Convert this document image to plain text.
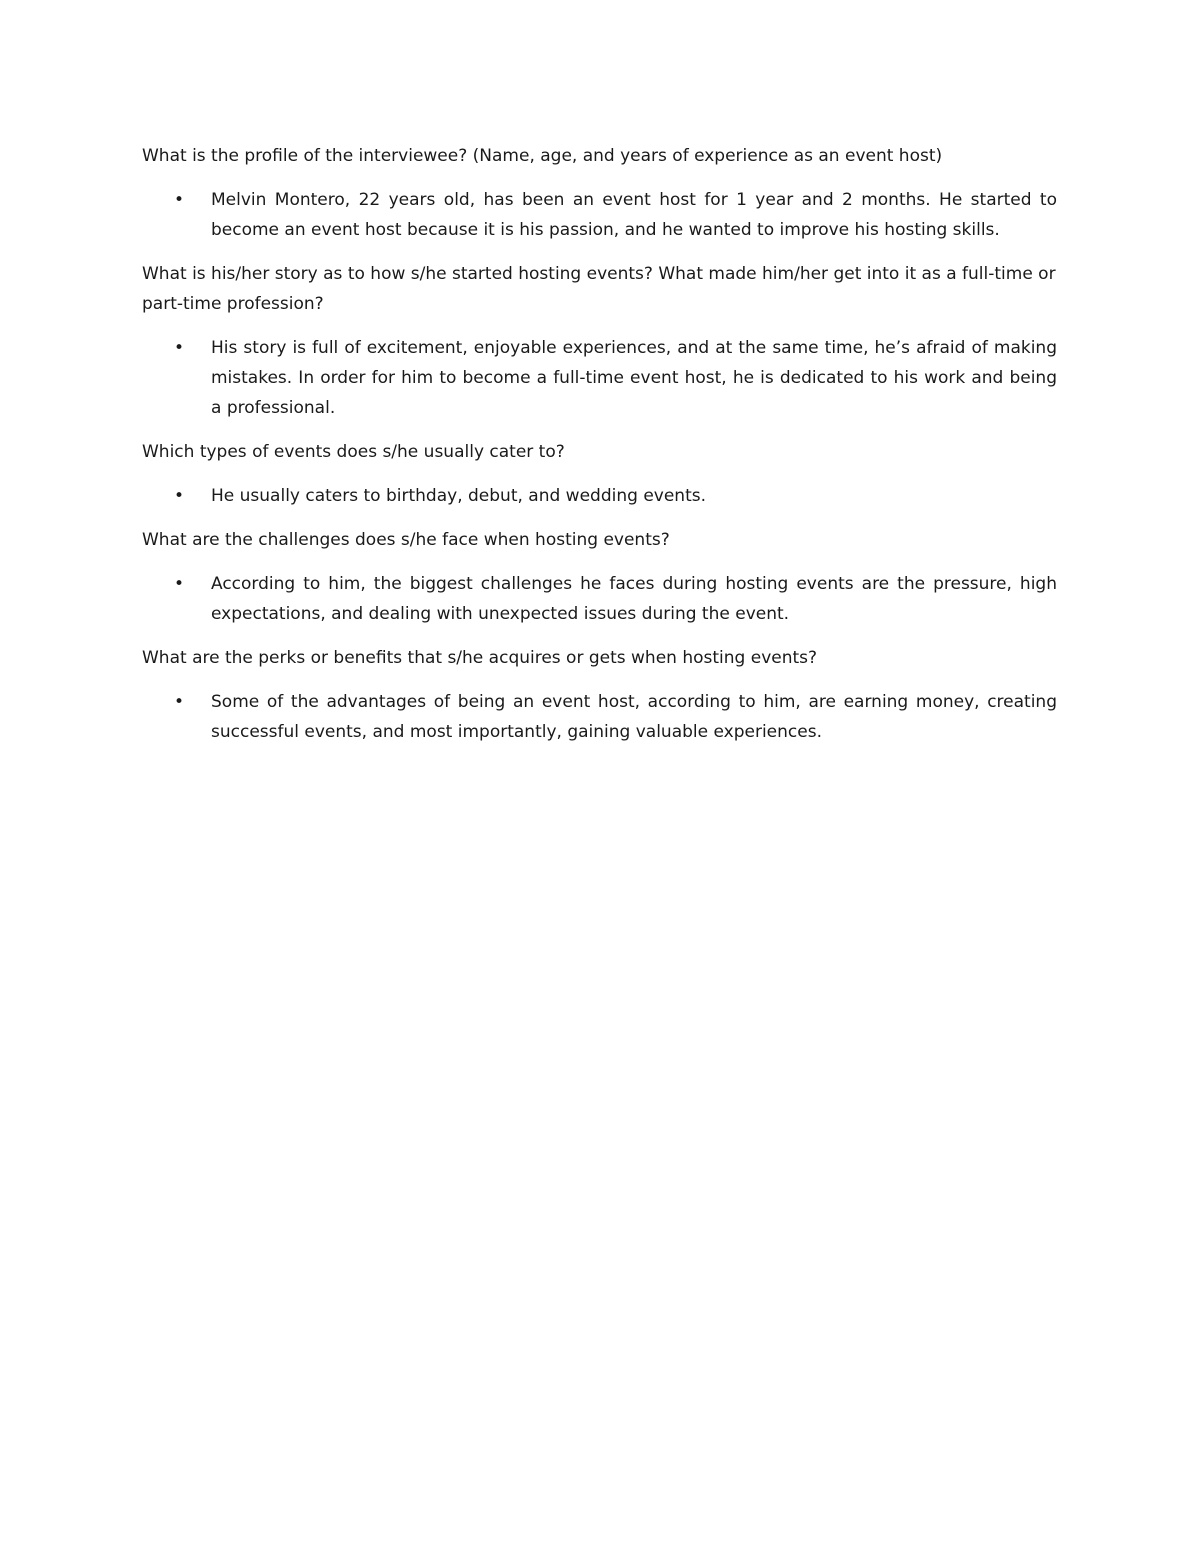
What is the profile of the interviewee? (Name, age, and years of experience as an event host)

• Melvin Montero, 22 years old, has been an event host for 1 year and 2 months. He started to become an event host because it is his passion, and he wanted to improve his hosting skills.

What is his/her story as to how s/he started hosting events? What made him/her get into it as a full-time or part-time profession?

• His story is full of excitement, enjoyable experiences, and at the same time, he’s afraid of making mistakes. In order for him to become a full-time event host, he is dedicated to his work and being a professional.

Which types of events does s/he usually cater to?

• He usually caters to birthday, debut, and wedding events.

What are the challenges does s/he face when hosting events?

• According to him, the biggest challenges he faces during hosting events are the pressure, high expectations, and dealing with unexpected issues during the event.

What are the perks or benefits that s/he acquires or gets when hosting events?

• Some of the advantages of being an event host, according to him, are earning money, creating successful events, and most importantly, gaining valuable experiences.
